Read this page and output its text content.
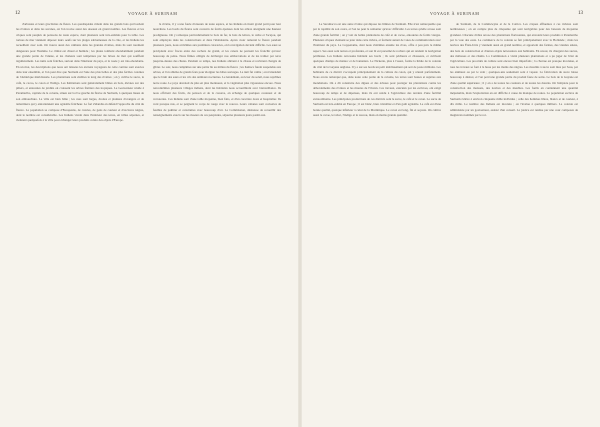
12	VOYAGE À SURINAM

d'arbustes et leurs gracilaires de fleurs. Les quadrupèdes rôdent dans les grands bois qui bordent les rivières et dans les savanes, où l'on trouve aussi des oiseaux en grand nombre. Les fleuves et les criques sont peuplés de poissons de toute espèce, dont plusieurs sont très-estimés pour la table. Les tortues de mer viennent déposer leurs oeufs sur les plages sablonneuses de la côte, et les Indiens les recueillent avec soin. On trouve aussi des caïmans dans les grandes rivières, mais ils sont rarement dangereux pour l'homme. Le climat est chaud et humide ; les pluies tombent abondamment pendant une grande partie de l'année, et les chaleurs sont tempérées par les brises de mer qui soufflent régulièrement. Les nuits sont fraîches, surtout dans l'intérieur du pays, et la rosée y est très-abondante. En un mot, les descriptions que nous ont laissées les anciens voyageurs de cette contrée sont exactes dans leur ensemble, et l'on peut dire que Surinam est l'une des plus belles et des plus fertiles colonies de l'Amérique méridionale. Les plantations sont établies le long des rivières ; on y cultive le sucre, le café, le cacao, le coton et l'indigo. Les habitations sont généralement bâties en bois, élevées sur des piliers, et entourées de jardins où croissent les arbres fruitiers des tropiques. Le Gouverneur réside à Paramaribo, capitale de la colonie, située sur la rive gauche du fleuve de Surinam, à quelques lieues de son embouchure. La ville est bien bâtie ; les rues sont larges, droites et plantées d'orangers et de tamariniers qui y entretiennent une agréable fraîcheur. Le fort Zélandia en défend l'approche du côté du fleuve. La population se compose d'Européens, de créoles, de gens de couleur et d'esclaves nègres, dont le nombre est considérable. Les Indiens vivent dans l'intérieur des terres, en tribus séparées, et viennent quelquefois à la ville pour échanger leurs produits contre des objets d'Europe.

la rivière, il y a une foule d'oiseaux de toute espèce, et les Indiens en tirent grand parti pour leur nourriture. Les bords du fleuve sont couverts de forêts épaisses dont les arbres atteignent une hauteur prodigieuse. On y remarque particulièrement le bois de fer, le bois de lettres, le cèdre et l'acajou, qui sont employés dans les constructions et dans l'ébénisterie. Après avoir remonté le fleuve pendant plusieurs jours, nous arrivâmes aux premières cataractes, où la navigation devient difficile. Les eaux se précipitent avec fracas entre des rochers de granit, et les canots ne peuvent les franchir qu'avec beaucoup de peine. Nous fûmes obligés de décharger nos embarcations et de les traîner par terre jusqu'au-dessus des chutes. Pendant ce temps, nos Indiens allèrent à la chasse et revinrent chargés de gibier. Le soir, nous campâmes sur une petite île au milieu du fleuve ; les hamacs furent suspendus aux arbres, et l'on alluma de grands feux pour éloigner les bêtes sauvages. La nuit fut calme ; on n'entendait que le bruit des eaux et les cris des animaux nocturnes. Le lendemain, au lever du soleil, nous reprîmes notre route. Le pays devenait de plus en plus montueux, et la végétation plus vigoureuse encore. Nous rencontrâmes plusieurs villages indiens, dont les habitants nous accueillirent avec bienveillance. Ils nous offrirent des fruits, du poisson et de la cassave, en échange de quelques couteaux et de verroteries. Ces Indiens sont d'une taille moyenne, bien faits, et d'un caractère doux et hospitalier. Ils vont presque nus, et se peignent le corps de rouge avec le roucou. Leurs cabanes sont couvertes de feuilles de palmier et construites avec beaucoup d'art. La Commission, désireuse de recueillir des renseignements exacts sur les moeurs de ces peuplades, séjourna plusieurs jours parmi eux.

VOYAGE À SURINAM	13

Le Saramacca est une autre rivière qui dépose les limites de Surinam. Elle n'est remarquable que par la rapidité de son cours, et l'on ne peut la remonter qu'avec difficulté. Les terres qu'elle arrose sont d'une grande fertilité ; on y voit de belles plantations de café et de cacao, entourées de forêts vierges. Plusieurs criques viennent se jeter dans cette rivière, et forment autant de voies de communication avec l'intérieur du pays. Le Coppename, dont nous visitâmes ensuite les rives, offre à peu près le même aspect. Ses eaux sont noires et profondes, et son lit est parsemé de rochers qui en rendent la navigation périlleuse. Les Indiens Arrowaks habitent ses bords ; ils sont pêcheurs et chasseurs, et cultivent quelques champs de manioc et de bananiers. Le Nickerie, plus à l'ouest, forme la limite de la colonie du côté de la Guyane anglaise. Il y a sur ses bords un petit établissement qui sert de poste militaire. Les habitants de ce district s'occupent principalement de la culture du coton, qui y réussit parfaitement. Nous avons remarqué que, dans toute cette partie de la colonie, les terres sont basses et sujettes aux inondations. On a dû construire des digues et des écluses pour protéger les plantations contre les débordements des rivières et les marées de l'Océan. Ces travaux, exécutés par les esclaves, ont exigé beaucoup de temps et de dépenses, mais ils ont rendu à l'agriculture des terrains d'une fertilité extraordinaire. Les principales productions de ces districts sont le sucre, le café et le coton. Le sucre de Surinam est très-estimé en Europe ; il est blanc, bien cristallisé et d'un goût agréable. Le café est d'une bonne qualité, quoique inférieur à celui de la Martinique. Le coton est long, fin et soyeux. On cultive aussi le cacao, le tabac, l'indigo et le roucou, mais en moins grande quantité.

de Surinam, de la Commewyne et de la Cottica. Les criques affluentes à ces rivières sont nombreuses ; on en compte plus de cinquante qui sont navigables pour des bateaux de moyenne grandeur. Chacune d'elles arrose des plantations florissantes, qui envoient leurs produits à Paramaribo par la voie des eaux. Le commerce de la colonie se fait principalement avec la Hollande ; mais les navires des États-Unis y viennent aussi en grand nombre, et apportent des farines, des viandes salées, des bois de construction et d'autres objets nécessaires aux habitants. En retour, ils chargent des sucres, des mélasses et des rhums. La Commission a visité plusieurs plantations et a pu juger de l'état de l'agriculture. Les procédés de culture sont encore bien imparfaits ; la charrue est presque inconnue, et tous les travaux se font à la houe par les mains des nègres. Les moulins à sucre sont mus par l'eau, par les animaux ou par le vent ; quelques-uns seulement sont à vapeur. La fabrication du sucre laisse beaucoup à désirer, et l'on perd une grande partie du produit faute de soins. Le bois de la Guyane est d'une qualité supérieure ; il y en a de toutes les couleurs et de toutes les duretés. On l'emploie pour la construction des maisons, des navires et des meubles. Les forêts en contiennent une quantité inépuisable, mais l'exploitation en est difficile à cause du manque de routes. La population esclave de Surinam s'élève à environ cinquante mille individus ; celle des hommes libres, blancs et de couleur, à dix mille. Le nombre des Indiens est inconnu ; on l'évalue à quelques milliers. La colonie est administrée par un gouverneur, assisté d'un conseil. La justice est rendue par une cour composée de magistrats nommés par le roi.
